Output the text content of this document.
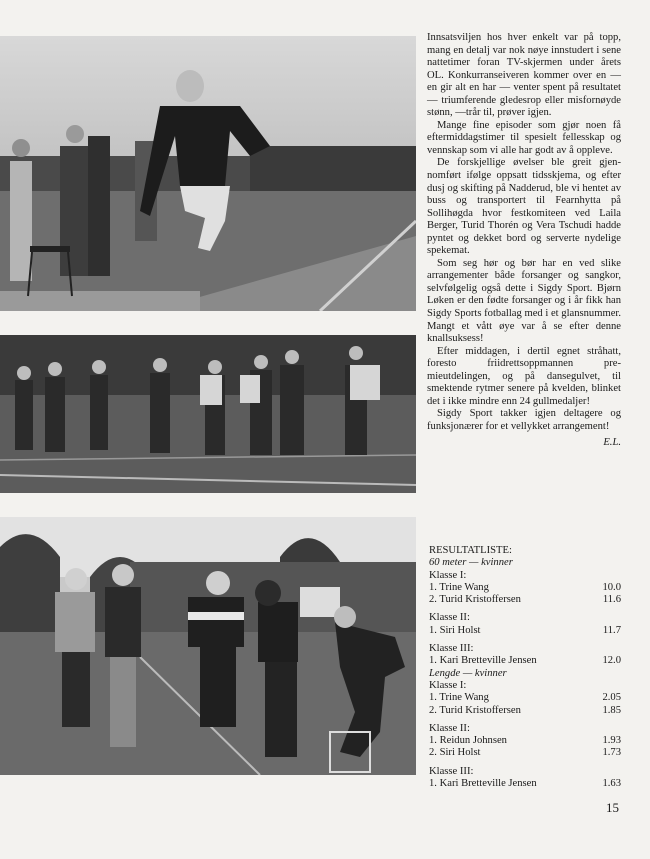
Innsatsviljen hos hver enkelt var på topp, mang en detalj var nok nøye innstudert i sene nattetimer foran TV-skjermen under årets OL. Konkurranseiveren kommer over en — en gir alt en har — venter spent på resultatet — triumferende gledesrop eller misfornøyde stønn, —trår til, prøver igjen.

Mange fine episoder som gjør noen få eftermiddagstimer til spesielt fellesskap og vennskap som vi alle har godt av å oppleve.

De forskjellige øvelser ble greit gjennomført ifølge oppsatt tidsskjema, og efter dusj og skifting på Nadderud, ble vi hentet av buss og transportert til Fearnhytta på Sollihøgda hvor festkomiteen ved Laila Berger, Turid Thorén og Vera Tschudi hadde pyntet og dekket bord og serverte nydelige spekemat.

Som seg hør og bør har en ved slike arrangementer både forsanger og sangkor, selvfølgelig også dette i Sigdy Sport. Bjørn Løken er den fødte forsanger og i år fikk han Sigdy Sports fotballag med i et glansnummer. Mangt et vått øye var å se efter denne knallsuksess!

Efter middagen, i dertil egnet stråhatt, foresto friidrettsoppmannen premieutdelingen, og på dansegulvet, til smektende rytmer senere på kvelden, blinket det i ikke mindre enn 24 gullmedaljer!

Sigdy Sport takker igjen deltagere og funksjonærer for et vellykket arrangement!

E.L.
RESULTATLISTE:
60 meter — kvinner
Klasse I:
1. Trine Wang	10.0
2. Turid Kristoffersen	11.6
Klasse II:
1. Siri Holst	11.7
Klasse III:
1. Kari Bretteville Jensen	12.0
Lengde — kvinner
Klasse I:
1. Trine Wang	2.05
2. Turid Kristoffersen	1.85
Klasse II:
1. Reidun Johnsen	1.93
2. Siri Holst	1.73
Klasse III:
1. Kari Bretteville Jensen	1.63
15
